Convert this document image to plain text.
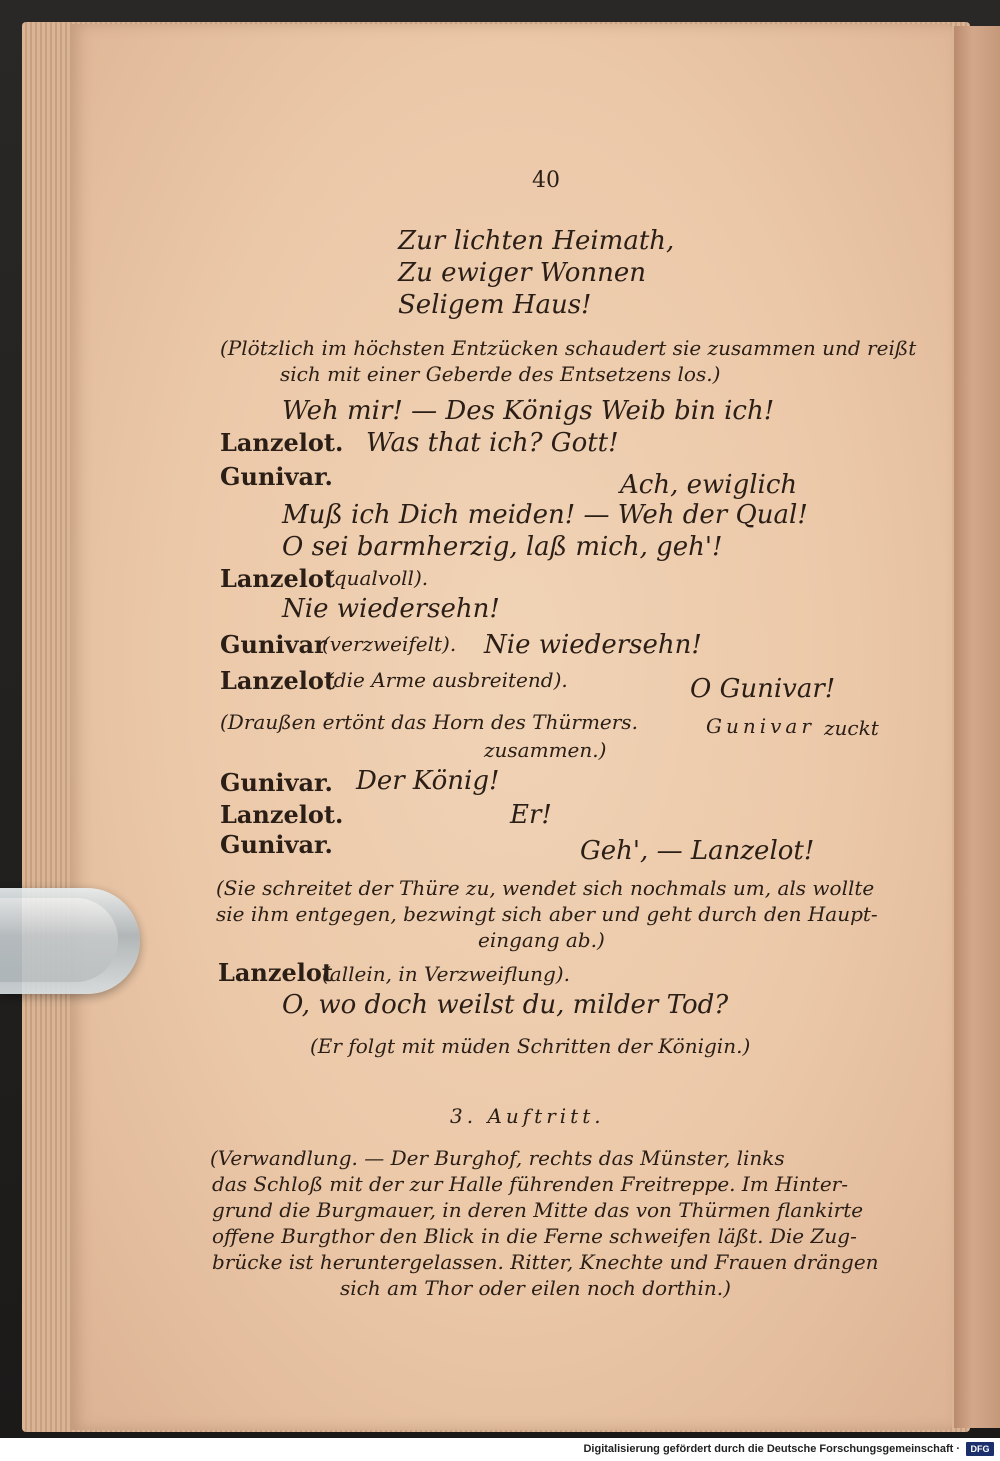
40
Zur lichten Heimath,
Zu ewiger Wonnen
Seligem Haus!
(Plötzlich im höchsten Entzücken schaudert sie zusammen und reißt
sich mit einer Geberde des Entsetzens los.)
Weh mir! — Des Königs Weib bin ich!
Lanzelot. Was that ich? Gott!
Gunivar.	Ach, ewiglich
Muß ich Dich meiden! — Weh der Qual!
O sei barmherzig, laß mich, geh'!
Lanzelot
(qualvoll).
Nie wiedersehn!
Gunivar
(verzweifelt). Nie wiedersehn!
Lanzelot
(die Arme ausbreitend).	O Gunivar!
(Draußen ertönt das Horn des Thürmers.	Gunivar zuckt
zusammen.)
Gunivar. Der König!
Lanzelot.	Er!
Gunivar.	Geh', — Lanzelot!
(Sie schreitet der Thüre zu, wendet sich nochmals um, als wollte
sie ihm entgegen, bezwingt sich aber und geht durch den Haupt-
eingang ab.)
Lanzelot
(allein, in Verzweiflung).
O, wo doch weilst du, milder Tod?
(Er folgt mit müden Schritten der Königin.)
3. Auftritt.
(Verwandlung. — Der Burghof, rechts das Münster, links
das Schloß mit der zur Halle führenden Freitreppe. Im Hinter-
grund die Burgmauer, in deren Mitte das von Thürmen flankirte
offene Burgthor den Blick in die Ferne schweifen läßt. Die Zug-
brücke ist heruntergelassen. Ritter, Knechte und Frauen drängen
sich am Thor oder eilen noch dorthin.)
Digitalisierung gefördert durch die Deutsche Forschungsgemeinschaft ·	DFG
